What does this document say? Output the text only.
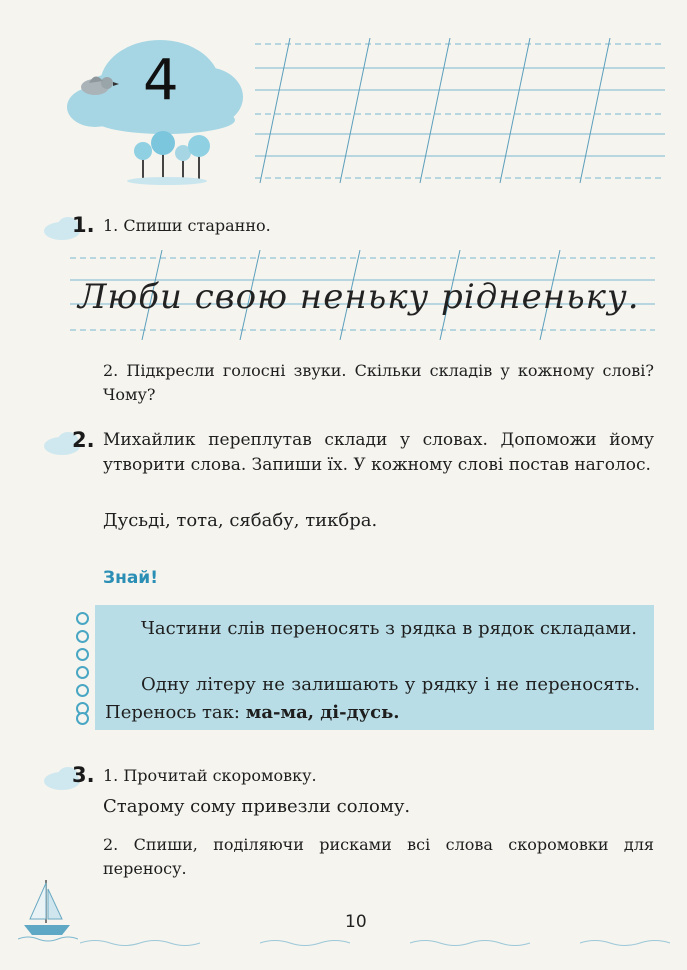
4
1. 1. Спиши старанно.
Люби свою неньку рідненьку.
2. Підкресли голосні звуки. Скільки складів у кожному слові? Чому?
2. Михайлик переплутав склади у словах. Допоможи йому утворити слова. Запиши їх. У кожному слові постав наголос.
Дусьді, тота, сябабу, тикбра.
Знай!
Частини слів переносять з рядка в рядок складами.
Одну літеру не залишають у рядку і не переносять. Перенось так: ма-ма, ді-дусь.
3. 1. Прочитай скоромовку.
Старому сому привезли солому.
2. Спиши, поділяючи рисками всі слова скоромовки для переносу.
10
